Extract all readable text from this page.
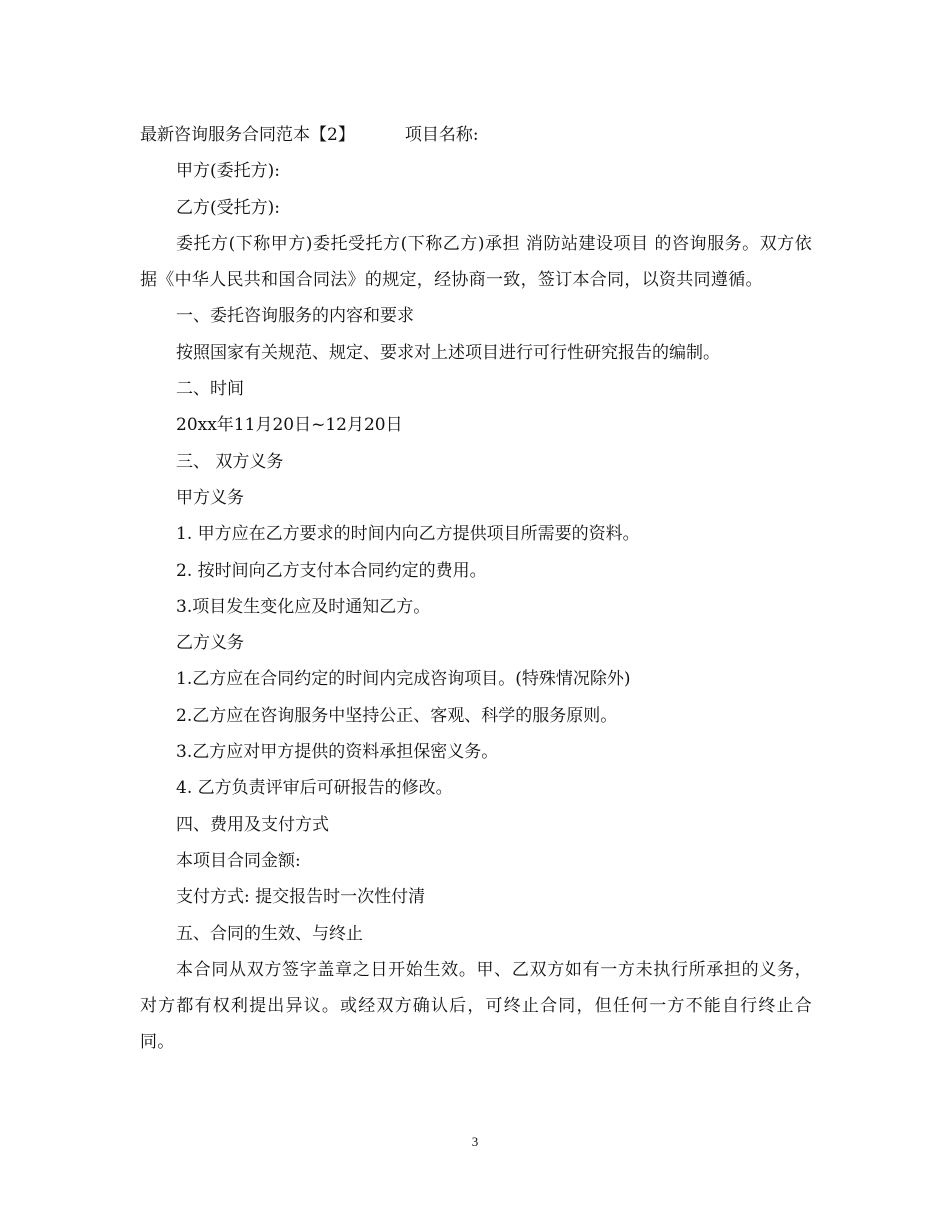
最新咨询服务合同范本【2】	项目名称:

甲方(委托方):

乙方(受托方):

委托方(下称甲方)委托受托方(下称乙方)承担 消防站建设项目 的咨询服务。双方依据《中华人民共和国合同法》的规定，经协商一致，签订本合同，以资共同遵循。

一、委托咨询服务的内容和要求

按照国家有关规范、规定、要求对上述项目进行可行性研究报告的编制。

二、时间

20xx年11月20日~12月20日

三、 双方义务

甲方义务

1. 甲方应在乙方要求的时间内向乙方提供项目所需要的资料。

2. 按时间向乙方支付本合同约定的费用。

3.项目发生变化应及时通知乙方。

乙方义务

1.乙方应在合同约定的时间内完成咨询项目。(特殊情况除外)

2.乙方应在咨询服务中坚持公正、客观、科学的服务原则。

3.乙方应对甲方提供的资料承担保密义务。

4. 乙方负责评审后可研报告的修改。

四、费用及支付方式

本项目合同金额:

支付方式: 提交报告时一次性付清

五、合同的生效、与终止

本合同从双方签字盖章之日开始生效。甲、乙双方如有一方未执行所承担的义务，对方都有权利提出异议。或经双方确认后，可终止合同，但任何一方不能自行终止合同。

3
